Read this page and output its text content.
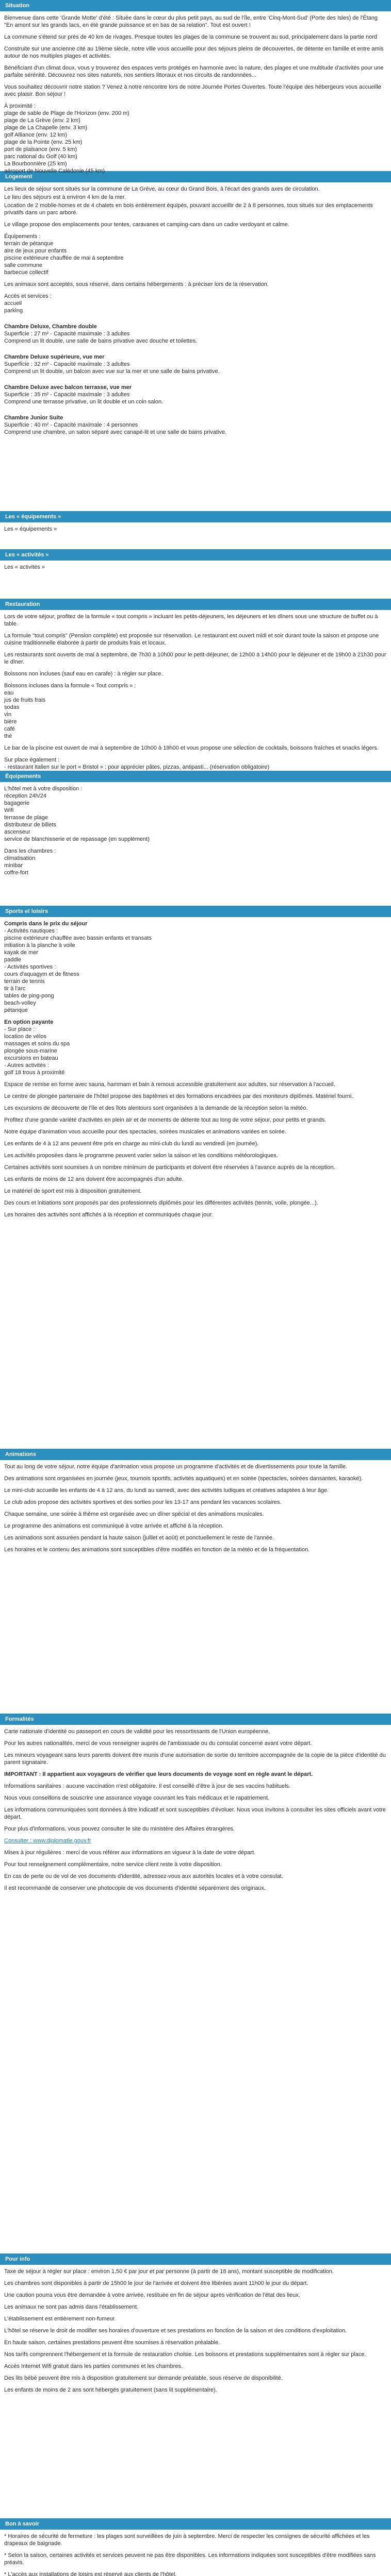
Situation

Bienvenue dans cette 'Grande Motte' d'été : Située dans le cœur du plus petit pays, au sud de l'île, entre 'Cinq-Mont-Sud' (Porte des Isles) de l'Étang "En amont sur les grands lacs, en été grande puissance et en bas de sa relation". Tout est ouvert !

La commune s'étend sur près de 40 km de rivages. Presque toutes les plages de la commune se trouvent au sud, principalement dans la partie nord

Construite sur une ancienne cité au 19ème siècle, notre ville vous accueille pour des séjours pleins de découvertes, de détente en famille et entre amis autour de nos multiples plages et activités.

Bénéficiant d'un climat doux, vous y trouverez des espaces verts protégés en harmonie avec la nature, des plages et une multitude d'activités pour une parfaite sérénité. Découvrez nos sites naturels, nos sentiers littoraux et nos circuits de randonnées...

Vous souhaitez découvrir notre station ? Venez à notre rencontre lors de notre Journée Portes Ouvertes. Toute l'équipe des hébergeurs vous accueille avec plaisir. Bon séjour !

À proximité :

plage de sable de Plage de l'Horizon (env. 200 m)
plage de La Grève (env. 2 km)
plage de La Chapelle (env. 3 km)
golf Alliance (env. 12 km)
plage de la Pointe (env. 25 km)
port de plaisance (env. 5 km)
parc national du Golf (40 km)
La Bourbonnière (25 km)
aéroport de Nouvelle Calédonie (45 km)
Logement

Les lieux de séjour sont situés sur la commune de La Grève, au cœur du Grand Bois, à l'écart des grands axes de circulation.

Le lieu des séjours est à environ 4 km de la mer.

Location de 2 mobile-homes et de 4 chalets en bois entièrement équipés, pouvant accueillir de 2 à 8 personnes, tous situés sur des emplacements privatifs dans un parc arboré.

Le village propose des emplacements pour tentes, caravanes et camping-cars dans un cadre verdoyant et calme.

Équipements :

terrain de pétanque
aire de jeux pour enfants
piscine extérieure chauffée de mai à septembre
salle commune
barbecue collectif

Les animaux sont acceptés, sous réserve, dans certains hébergements : à préciser lors de la réservation.

Accès et services :

accueil
parking

Chambre Deluxe, Chambre double

Superficie : 27 m² - Capacité maximale : 3 adultes

Comprend un lit double, une salle de bains privative avec douche et toilettes.

Chambre Deluxe supérieure, vue mer

Superficie : 32 m² - Capacité maximale : 3 adultes

Comprend un lit double, un balcon avec vue sur la mer et une salle de bains privative.

Chambre Deluxe avec balcon terrasse, vue mer

Superficie : 35 m² - Capacité maximale : 3 adultes

Comprend une terrasse privative, un lit double et un coin salon.

Chambre Junior Suite

Superficie : 40 m² - Capacité maximale : 4 personnes

Comprend une chambre, un salon séparé avec canapé-lit et une salle de bains privative.

Les « équipements »

Les « équipements »

Les « activités »

Les « activités »

Restauration

Lors de votre séjour, profitez de la formule « tout compris » incluant les petits-déjeuners, les déjeuners et les dîners sous une structure de buffet ou à table.

La formule "tout compris" (Pension complète) est proposée sur réservation. Le restaurant est ouvert midi et soir durant toute la saison et propose une cuisine traditionnelle élaborée à partir de produits frais et locaux.

Les restaurants sont ouverts de mai à septembre, de 7h30 à 10h00 pour le petit-déjeuner, de 12h00 à 14h00 pour le déjeuner et de 19h00 à 21h30 pour le dîner.

Boissons non incluses (sauf eau en carafe) : à régler sur place.

Boissons incluses dans la formule « Tout compris » :

eau
jus de fruits frais
sodas
vin
bière
café
thé

Le bar de la piscine est ouvert de mai à septembre de 10h00 à 19h00 et vous propose une sélection de cocktails, boissons fraîches et snacks légers.

Sur place également :

- restaurant italien sur le port « Bristol » : pour apprécier pâtes, pizzas, antipasti... (réservation obligatoire)

Équipements

L'hôtel met à votre disposition :

réception 24h/24
bagagerie
Wifi
terrasse de plage
distributeur de billets
ascenseur
service de blanchisserie et de repassage (en supplément)

Dans les chambres :

climatisation
minibar
coffre-fort
Sports et loisirs

Compris dans le prix du séjour

- Activités nautiques :
piscine extérieure chauffée avec bassin enfants et transats
initiation à la planche à voile
kayak de mer
paddle
- Activités sportives :
cours d'aquagym et de fitness
terrain de tennis
tir à l'arc
tables de ping-pong
beach-volley
pétanque

En option payante

- Sur place :
location de vélos
massages et soins du spa
plongée sous-marine
excursions en bateau
- Autres activités :
golf 18 trous à proximité

Espace de remise en forme avec sauna, hammam et bain à remous accessible gratuitement aux adultes, sur réservation à l'accueil.

Le centre de plongée partenaire de l'hôtel propose des baptêmes et des formations encadrées par des moniteurs diplômés. Matériel fourni.

Les excursions de découverte de l'île et des îlots alentours sont organisées à la demande de la réception selon la météo.

Profitez d'une grande variété d'activités en plein air et de moments de détente tout au long de votre séjour, pour petits et grands.

Notre équipe d'animation vous accueille pour des spectacles, soirées musicales et animations variées en soirée.

Les enfants de 4 à 12 ans peuvent être pris en charge au mini-club du lundi au vendredi (en journée).

Les activités proposées dans le programme peuvent varier selon la saison et les conditions météorologiques.

Certaines activités sont soumises à un nombre minimum de participants et doivent être réservées à l'avance auprès de la réception.

Les enfants de moins de 12 ans doivent être accompagnés d'un adulte.

Le matériel de sport est mis à disposition gratuitement.

Des cours et initiations sont proposés par des professionnels diplômés pour les différentes activités (tennis, voile, plongée...).

Les horaires des activités sont affichés à la réception et communiqués chaque jour.

Animations

Tout au long de votre séjour, notre équipe d'animation vous propose un programme d'activités et de divertissements pour toute la famille.

Des animations sont organisées en journée (jeux, tournois sportifs, activités aquatiques) et en soirée (spectacles, soirées dansantes, karaoké).

Le mini-club accueille les enfants de 4 à 12 ans, du lundi au samedi, avec des activités ludiques et créatives adaptées à leur âge.

Le club ados propose des activités sportives et des sorties pour les 13-17 ans pendant les vacances scolaires.

Chaque semaine, une soirée à thème est organisée avec un dîner spécial et des animations musicales.

Le programme des animations est communiqué à votre arrivée et affiché à la réception.

Les animations sont assurées pendant la haute saison (juillet et août) et ponctuellement le reste de l'année.

Les horaires et le contenu des animations sont susceptibles d'être modifiés en fonction de la météo et de la fréquentation.

Formalités

Carte nationale d'identité ou passeport en cours de validité pour les ressortissants de l'Union européenne.

Pour les autres nationalités, merci de vous renseigner auprès de l'ambassade ou du consulat concerné avant votre départ.

Les mineurs voyageant sans leurs parents doivent être munis d'une autorisation de sortie du territoire accompagnée de la copie de la pièce d'identité du parent signataire.

IMPORTANT : Il appartient aux voyageurs de vérifier que leurs documents de voyage sont en règle avant le départ.

Informations sanitaires : aucune vaccination n'est obligatoire. Il est conseillé d'être à jour de ses vaccins habituels.

Nous vous conseillons de souscrire une assurance voyage couvrant les frais médicaux et le rapatriement.

Les informations communiquées sont données à titre indicatif et sont susceptibles d'évoluer. Nous vous invitons à consulter les sites officiels avant votre départ.

Pour plus d'informations, vous pouvez consulter le site du ministère des Affaires étrangères.

Consulter : www.diplomatie.gouv.fr

Mises à jour régulières : merci de vous référer aux informations en vigueur à la date de votre départ.

Pour tout renseignement complémentaire, notre service client reste à votre disposition.

En cas de perte ou de vol de vos documents d'identité, adressez-vous aux autorités locales et à votre consulat.

Il est recommandé de conserver une photocopie de vos documents d'identité séparément des originaux.

Pour info

Taxe de séjour à régler sur place : environ 1,50 € par jour et par personne (à partir de 18 ans), montant susceptible de modification.

Les chambres sont disponibles à partir de 15h00 le jour de l'arrivée et doivent être libérées avant 11h00 le jour du départ.

Une caution pourra vous être demandée à votre arrivée, restituée en fin de séjour après vérification de l'état des lieux.

Les animaux ne sont pas admis dans l'établissement.

L'établissement est entièrement non-fumeur.

L'hôtel se réserve le droit de modifier ses horaires d'ouverture et ses prestations en fonction de la saison et des conditions d'exploitation.

En haute saison, certaines prestations peuvent être soumises à réservation préalable.

Nos tarifs comprennent l'hébergement et la formule de restauration choisie. Les boissons et prestations supplémentaires sont à régler sur place.

Accès Internet Wifi gratuit dans les parties communes et les chambres.

Des lits bébé peuvent être mis à disposition gratuitement sur demande préalable, sous réserve de disponibilité.

Les enfants de moins de 2 ans sont hébergés gratuitement (sans lit supplémentaire).

Bon à savoir

* Horaires de sécurité de fermeture : les plages sont surveillées de juin à septembre. Merci de respecter les consignes de sécurité affichées et les drapeaux de baignade.

* Selon la saison, certaines activités et services peuvent ne pas être disponibles. Les informations indiquées sont susceptibles d'être modifiées sans préavis.

* L'accès aux installations de loisirs est réservé aux clients de l'hôtel.
